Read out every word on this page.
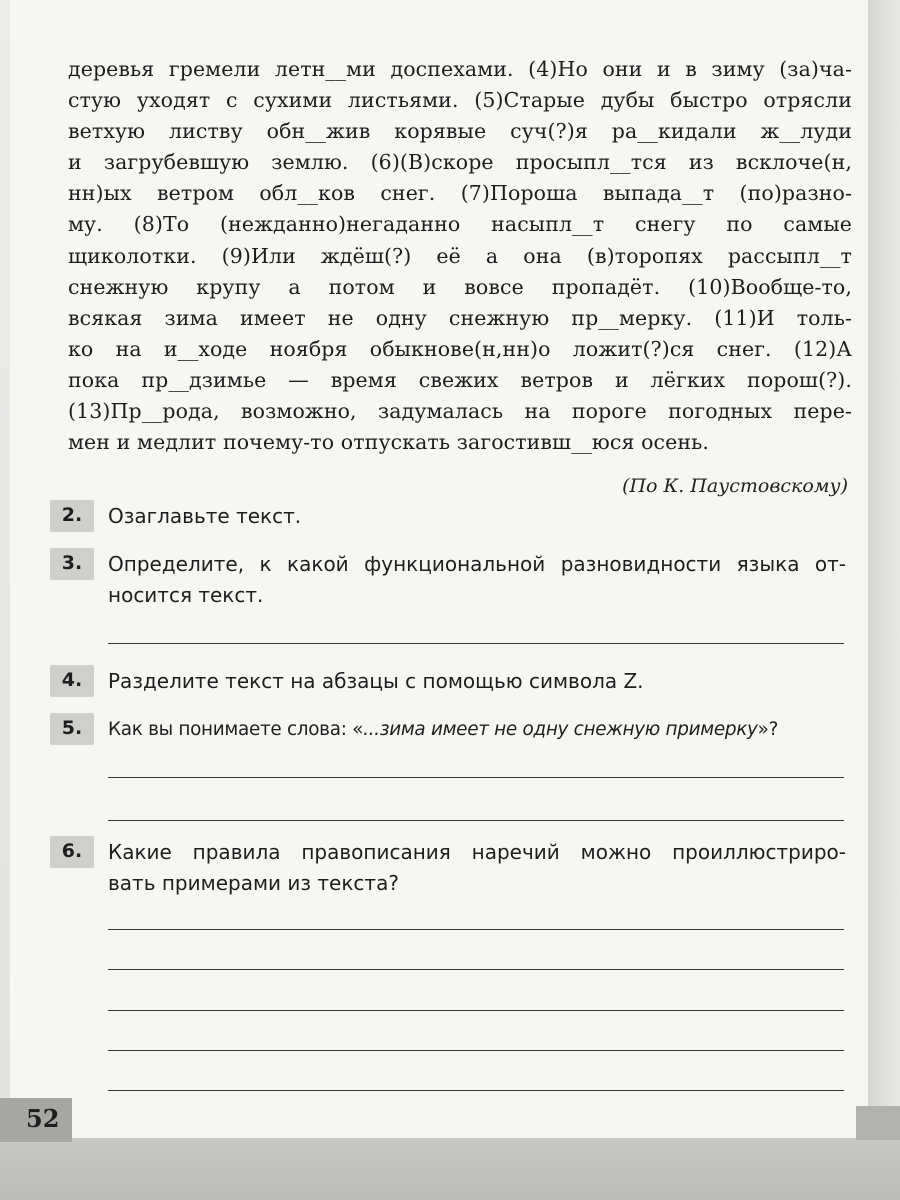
52
деревья гремели летн__ми доспехами. (4)Но они и в зиму (за)ча-
стую уходят с сухими листьями. (5)Старые дубы быстро отрясли
ветхую листву обн__жив корявые суч(?)я ра__кидали ж__луди
и загрубевшую землю. (6)(В)скоре просыпл__тся из всклоче(н,
нн)ых ветром обл__ков снег. (7)Пороша выпада__т (по)разно-
му. (8)То (нежданно)негаданно насыпл__т снегу по самые
щиколотки. (9)Или ждёш(?) её а она (в)торопях рассыпл__т
снежную крупу а потом и вовсе пропадёт. (10)Вообще-то,
всякая зима имеет не одну снежную пр__мерку. (11)И толь-
ко на и__ходе ноября обыкнове(н,нн)о ложит(?)ся снег. (12)А
пока пр__дзимье — время свежих ветров и лёгких порош(?).
(13)Пр__рода, возможно, задумалась на пороге погодных пере-
мен и медлит почему-то отпускать загостивш__юся осень.
(По К. Паустовскому)
2.	Озаглавьте текст.
3.	Определите, к какой функциональной разновидности языка от-
носится текст.
4.	Разделите текст на абзацы с помощью символа Z.
5.	Как вы понимаете слова: «...зима имеет не одну снежную примерку»?
6.	Какие правила правописания наречий можно проиллюстриро-
вать примерами из текста?
